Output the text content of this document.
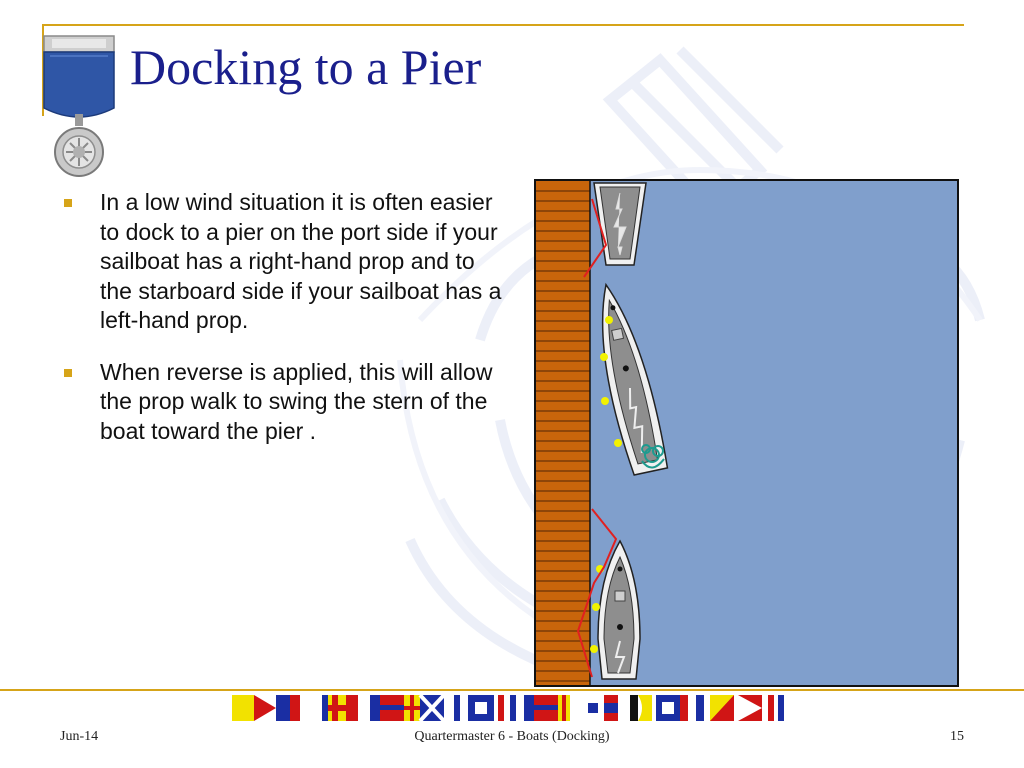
Docking to a Pier
In a low wind situation it is often easier to dock to a pier on the port side if your sailboat has a right-hand prop and to the starboard side if your sailboat has a left-hand prop.
When reverse is applied, this will allow the prop walk to swing the stern of the boat toward the pier .
Jun-14	Quartermaster 6 - Boats (Docking)	15
